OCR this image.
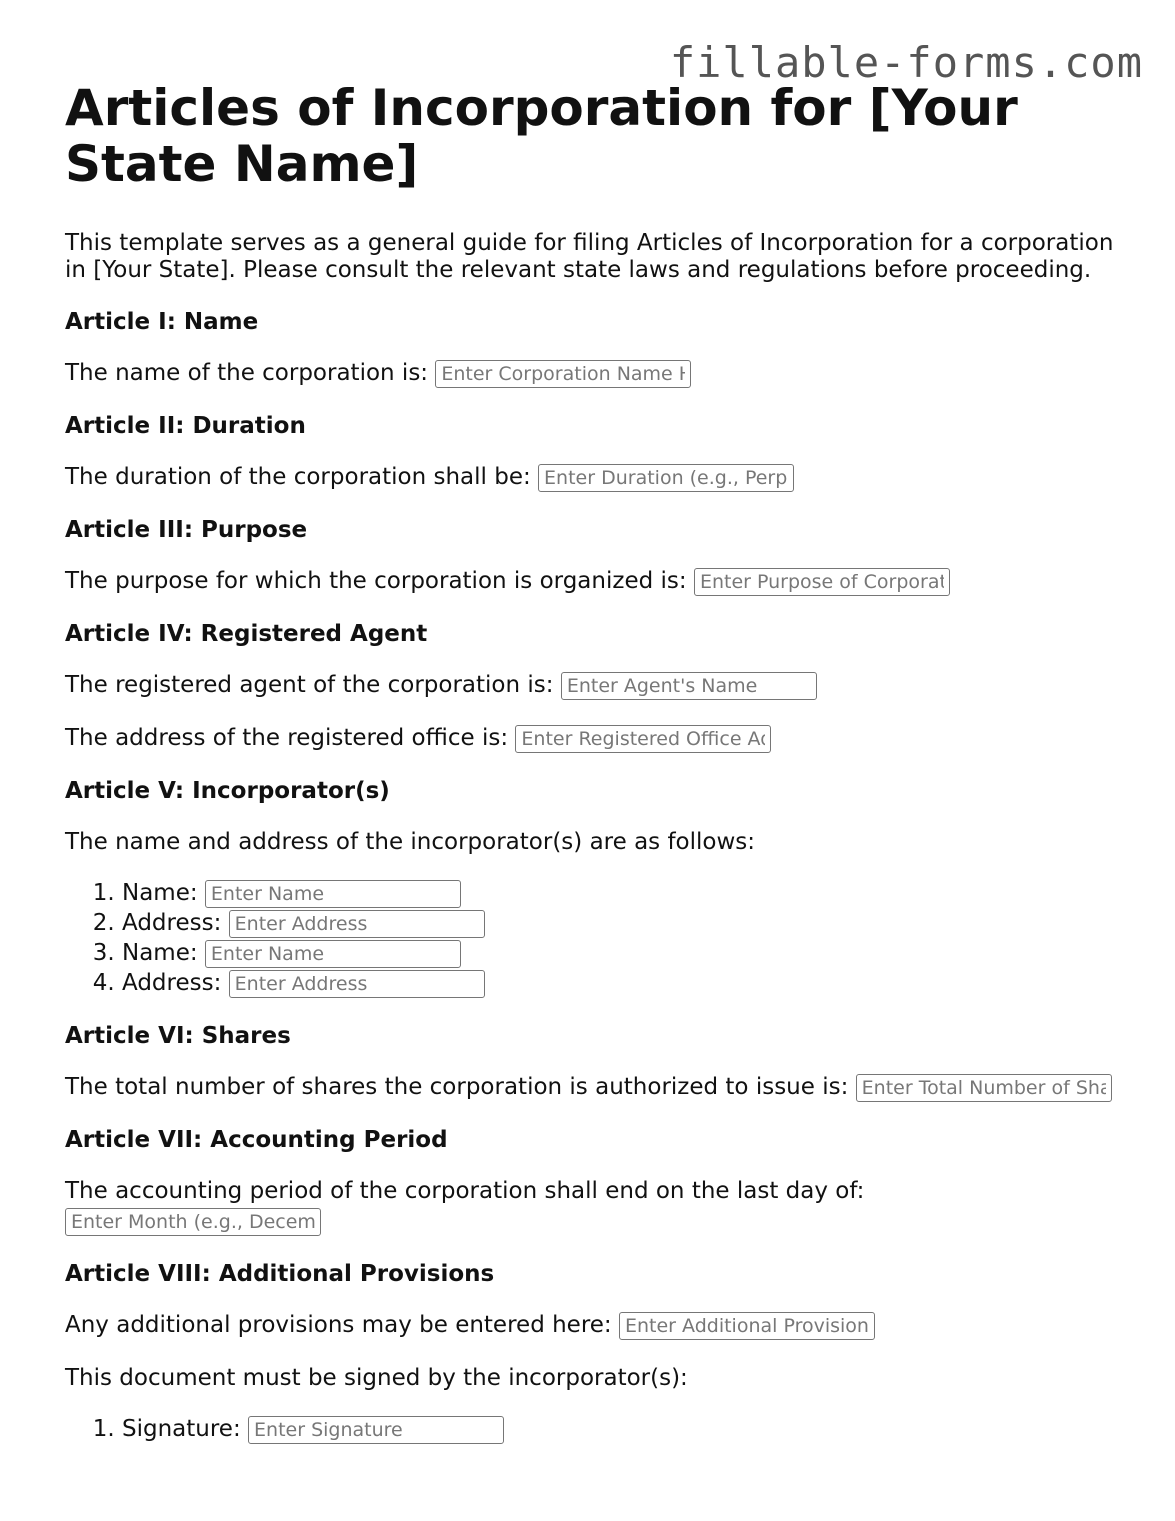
fillable-forms.com
Articles of Incorporation for [Your State Name]

This template serves as a general guide for filing Articles of Incorporation for a corporation in [Your State]. Please consult the relevant state laws and regulations before proceeding.

Article I: Name

The name of the corporation is: Enter Corporation Name Here

Article II: Duration

The duration of the corporation shall be: Enter Duration (e.g., Perpetual)

Article III: Purpose

The purpose for which the corporation is organized is: Enter Purpose of Corporation

Article IV: Registered Agent

The registered agent of the corporation is: Enter Agent's Name

The address of the registered office is: Enter Registered Office Address

Article V: Incorporator(s)

The name and address of the incorporator(s) are as follows:

1. Name: Enter Name
2. Address: Enter Address
3. Name: Enter Name
4. Address: Enter Address
Article VI: Shares

The total number of shares the corporation is authorized to issue is: Enter Total Number of Shares

Article VII: Accounting Period

The accounting period of the corporation shall end on the last day of:
Enter Month (e.g., December)

Article VIII: Additional Provisions

Any additional provisions may be entered here: Enter Additional Provisions

This document must be signed by the incorporator(s):

1. Signature: Enter Signature
